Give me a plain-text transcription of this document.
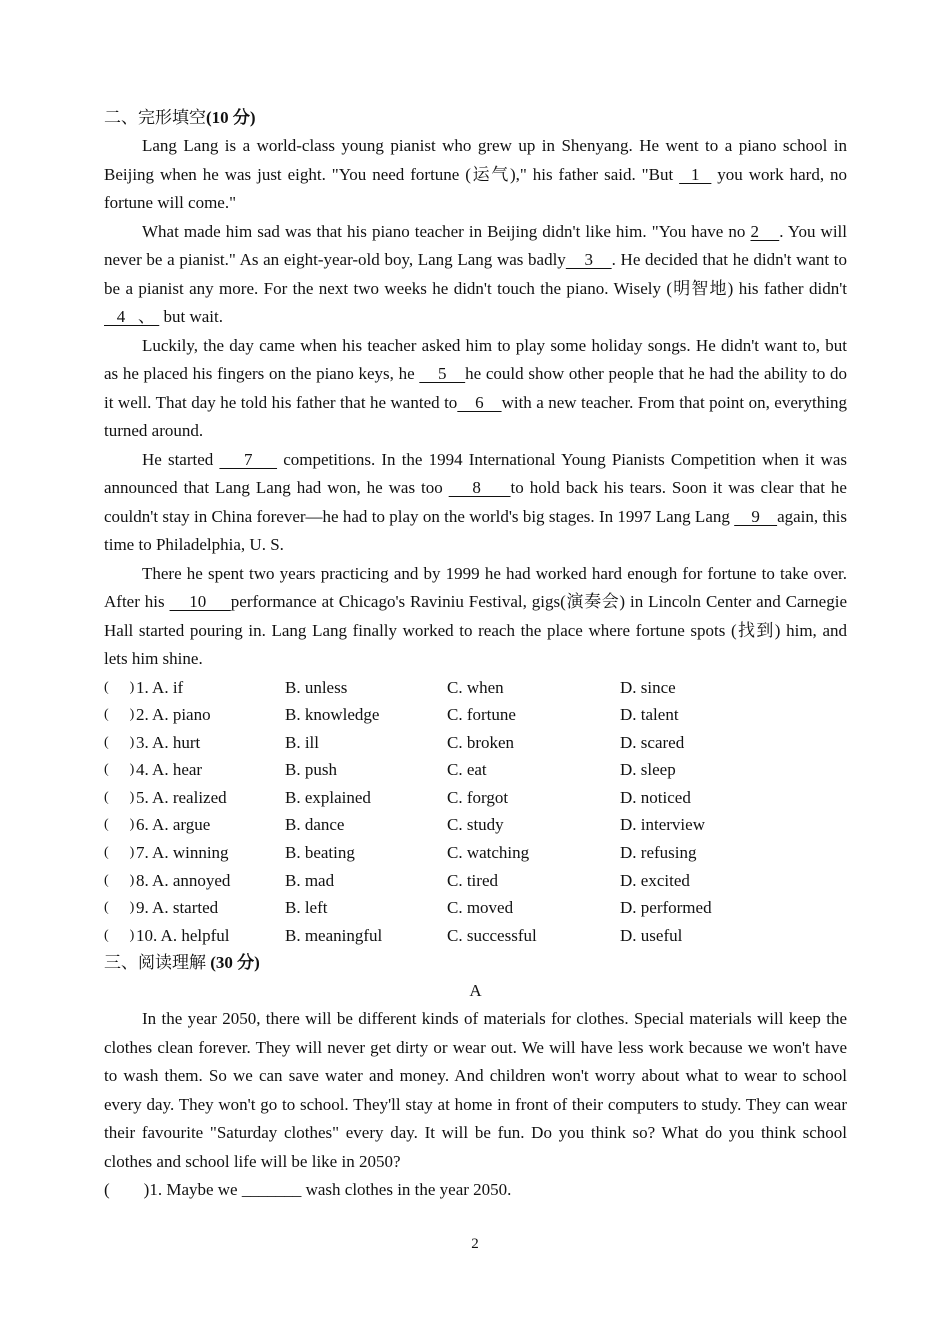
二、完形填空(10 分)

Lang Lang is a world-class young pianist who grew up in Shenyang. He went to a piano school in Beijing when he was just eight. "You need fortune (运气)," his father said. "But   1   you work hard, no fortune will come."

What made him sad was that his piano teacher in Beijing didn't like him. "You have no 2    . You will never be a pianist." As an eight-year-old boy, Lang Lang was badly    3    . He decided that he didn't want to be a pianist any more. For the next two weeks he didn't touch the piano. Wisely (明智地) his father didn't    4   、  but wait.

Luckily, the day came when his teacher asked him to play some holiday songs. He didn't want to, but as he placed his fingers on the piano keys, he     5    he could show other people that he had the ability to do it well. That day he told his father that he wanted to    6    with a new teacher. From that point on, everything turned around.

He started     7     competitions. In the 1994 International Young Pianists Competition when it was announced that Lang Lang had won, he was too     8     to hold back his tears. Soon it was clear that he couldn't stay in China forever—he had to play on the world's big stages. In 1997 Lang Lang     9    again, this time to Philadelphia, U. S.

There he spent two years practicing and by 1999 he had worked hard enough for fortune to take over. After his     10     performance at Chicago's Raviniu Festival, gigs(演奏会) in Lincoln Center and Carnegie Hall started pouring in. Lang Lang finally worked to reach the place where fortune spots (找到) him, and lets him shine.

(      ) 1. A. if	B. unless	C. when	D. since
(      ) 2. A. piano	B. knowledge	C. fortune	D. talent
(      ) 3. A. hurt	B. ill	C. broken	D. scared
(      ) 4. A. hear	B. push	C. eat	D. sleep
(      ) 5. A. realized	B. explained	C. forgot	D. noticed
(      ) 6. A. argue	B. dance	C. study	D. interview
(      ) 7. A. winning	B. beating	C. watching	D. refusing
(      ) 8. A. annoyed	B. mad	C. tired	D. excited
(      ) 9. A. started	B. left	C. moved	D. performed
(      ) 10. A. helpful	B. meaningful	C. successful	D. useful
三、阅读理解 (30 分)
A

In the year 2050, there will be different kinds of materials for clothes. Special materials will keep the clothes clean forever. They will never get dirty or wear out. We will have less work because we won't have to wash them. So we can save water and money. And children won't worry about what to wear to school every day. They won't go to school. They'll stay at home in front of their computers to study. They can wear their favourite "Saturday clothes" every day. It will be fun. Do you think so? What do you think school clothes and school life will be like in 2050?

(        )1. Maybe we _______ wash clothes in the year 2050.

2
